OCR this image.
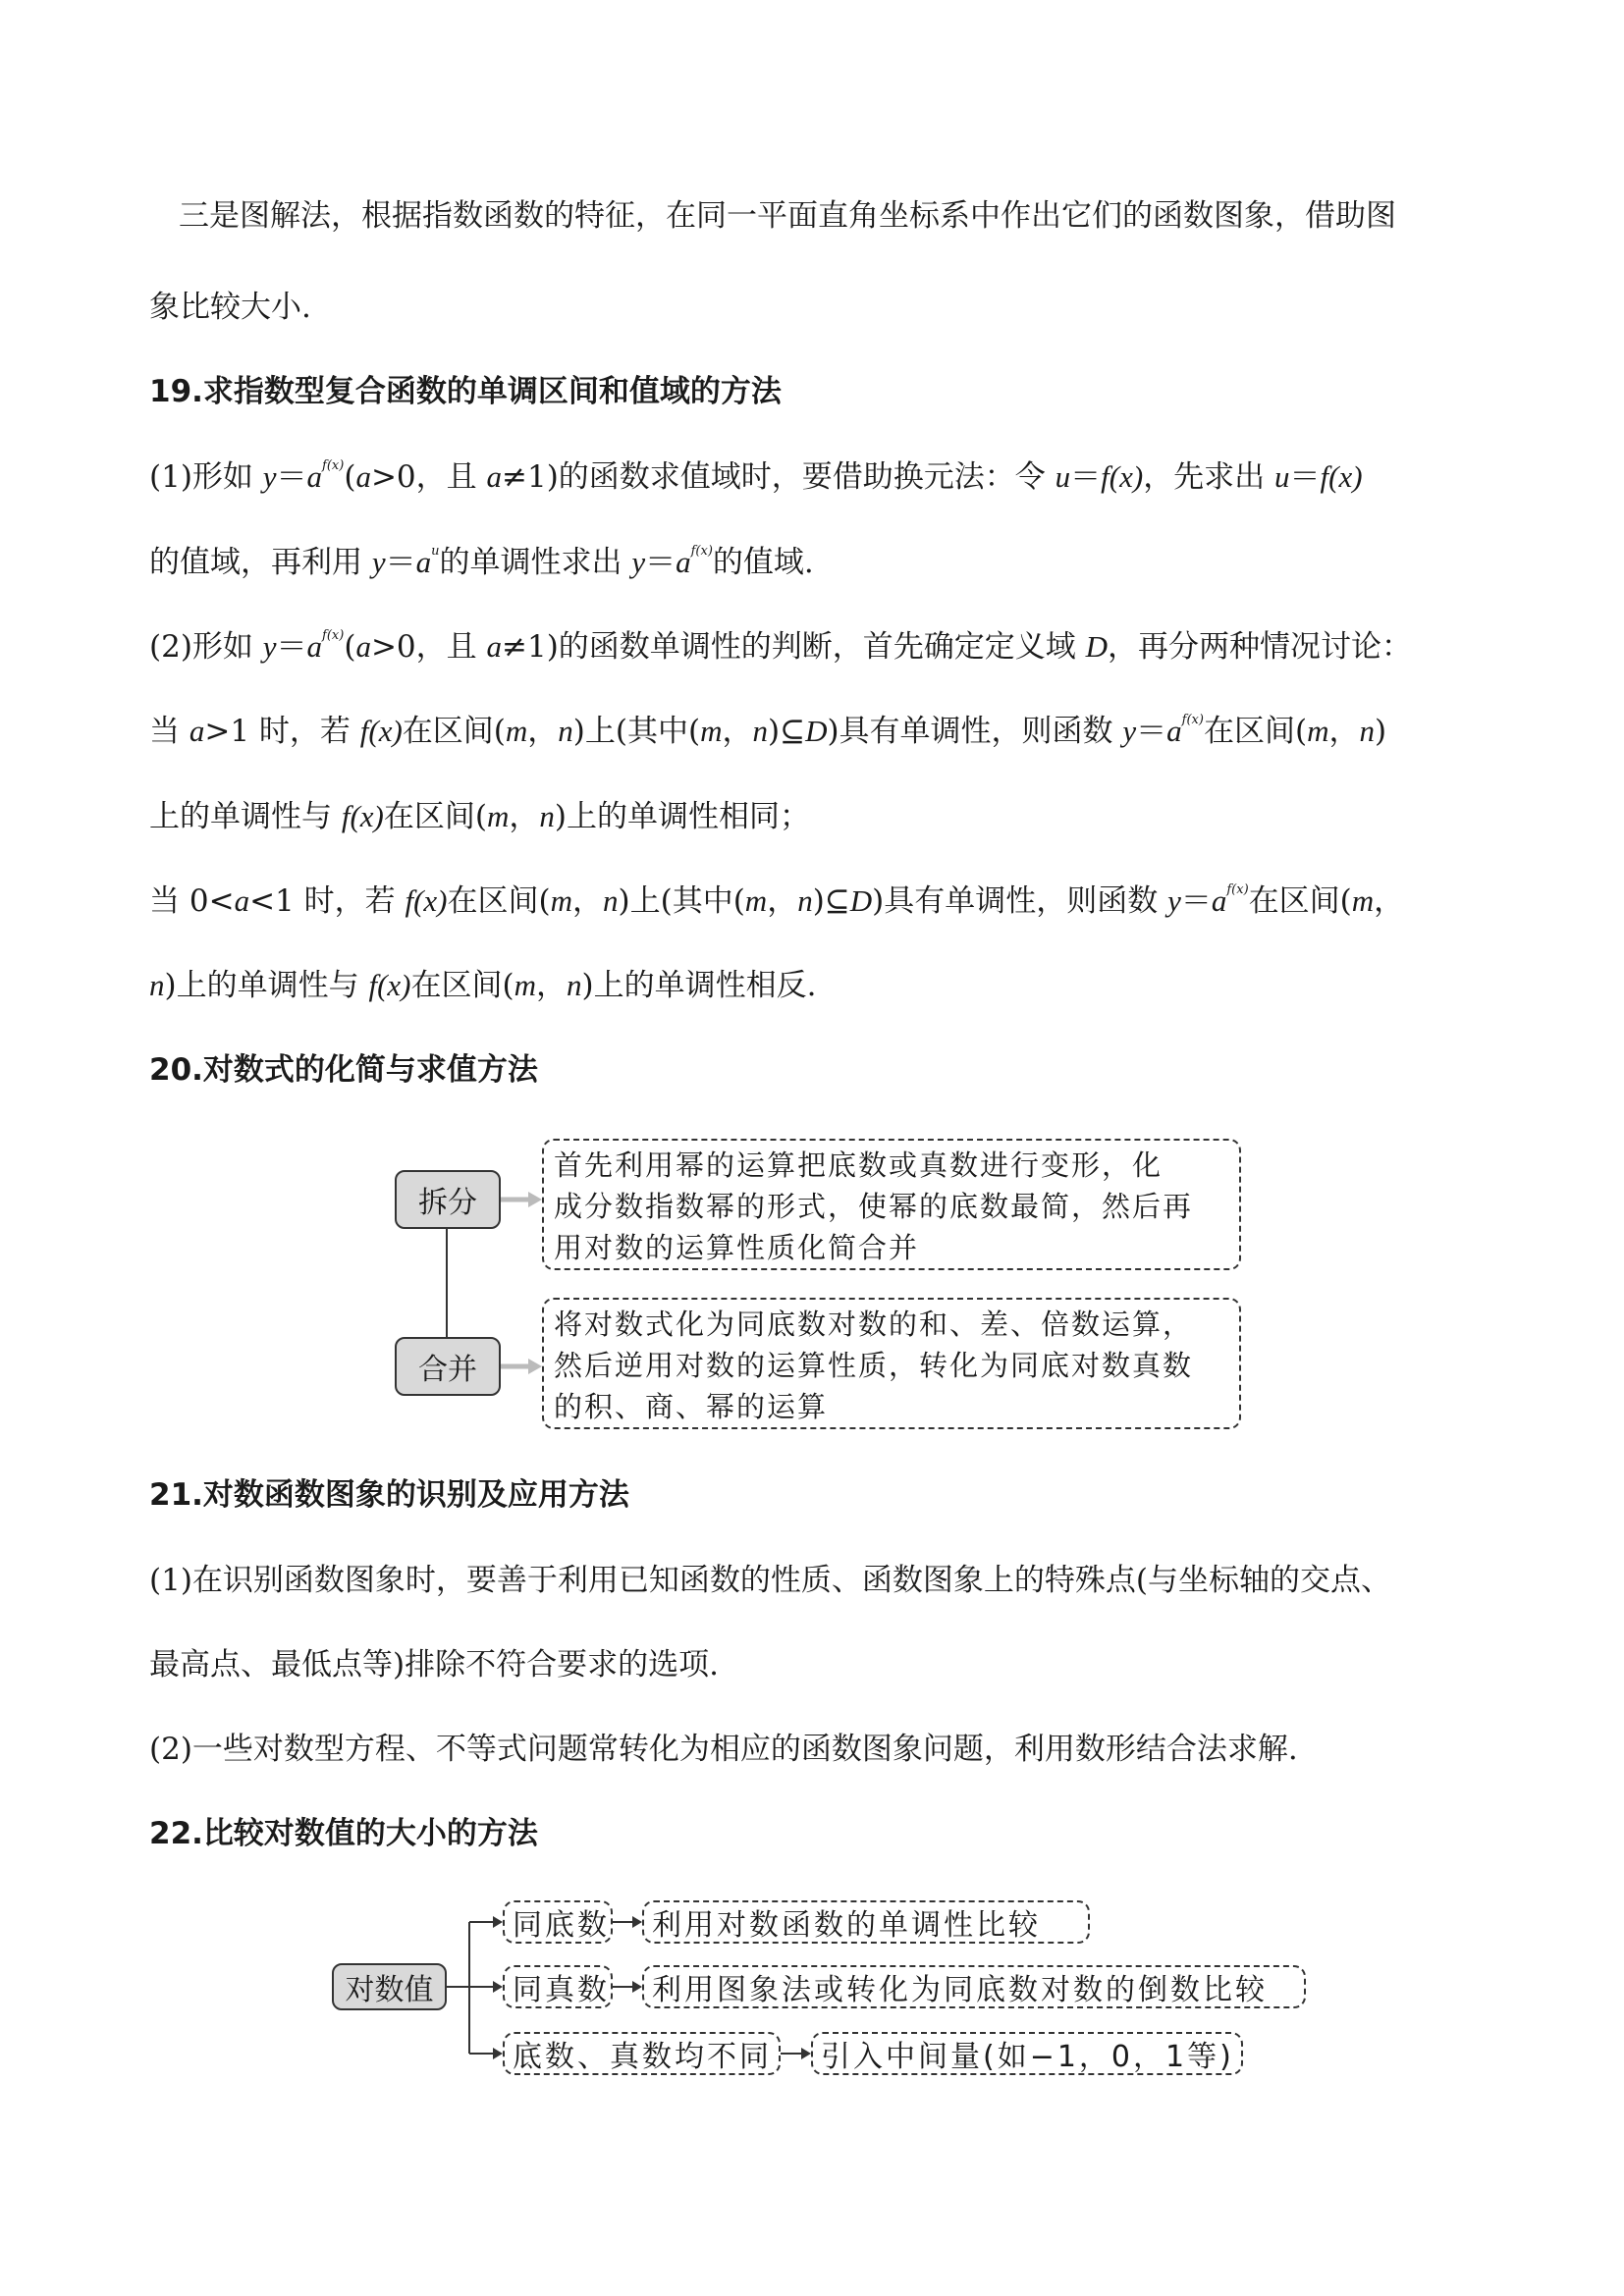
三是图解法，根据指数函数的特征，在同一平面直角坐标系中作出它们的函数图象，借助图
象比较大小.
19.求指数型复合函数的单调区间和值域的方法
(1)形如 $y=a^{f(x)}(a>0$，且 a≠1)的函数求值域时，要借助换元法：令 u＝f(x)，先求出 u＝f(x)
的值域，再利用 $y=a^u$的单调性求出 $y=a^{f(x)}$的值域.
(2)形如 $y=a^{f(x)}(a>0$，且 a≠1)的函数单调性的判断，首先确定定义域 D，再分两种情况讨论：
当 a>1 时，若 f(x)在区间(m，n)上(其中(m，n)⊆D)具有单调性，则函数 $y=a^{f(x)}$在区间(m，n)
上的单调性与 f(x)在区间(m，n)上的单调性相同；
当 0<a<1 时，若 f(x)在区间(m，n)上(其中(m，n)⊆D)具有单调性，则函数 $y=a^{f(x)}$在区间(m，
n)上的单调性与 f(x)在区间(m，n)上的单调性相反.
20.对数式的化简与求值方法
拆分
合并
首先利用幂的运算把底数或真数进行变形，化
成分数指数幂的形式，使幂的底数最简，然后再
用对数的运算性质化简合并
将对数式化为同底数对数的和、差、倍数运算，
然后逆用对数的运算性质，转化为同底对数真数
的积、商、幂的运算
21.对数函数图象的识别及应用方法
(1)在识别函数图象时，要善于利用已知函数的性质、函数图象上的特殊点(与坐标轴的交点、
最高点、最低点等)排除不符合要求的选项.
(2)一些对数型方程、不等式问题常转化为相应的函数图象问题，利用数形结合法求解.
22.比较对数值的大小的方法
对数值
同底数	利用对数函数的单调性比较
同真数	利用图象法或转化为同底数对数的倒数比较
底数、真数均不同	引入中间量(如−1，0，1等)
